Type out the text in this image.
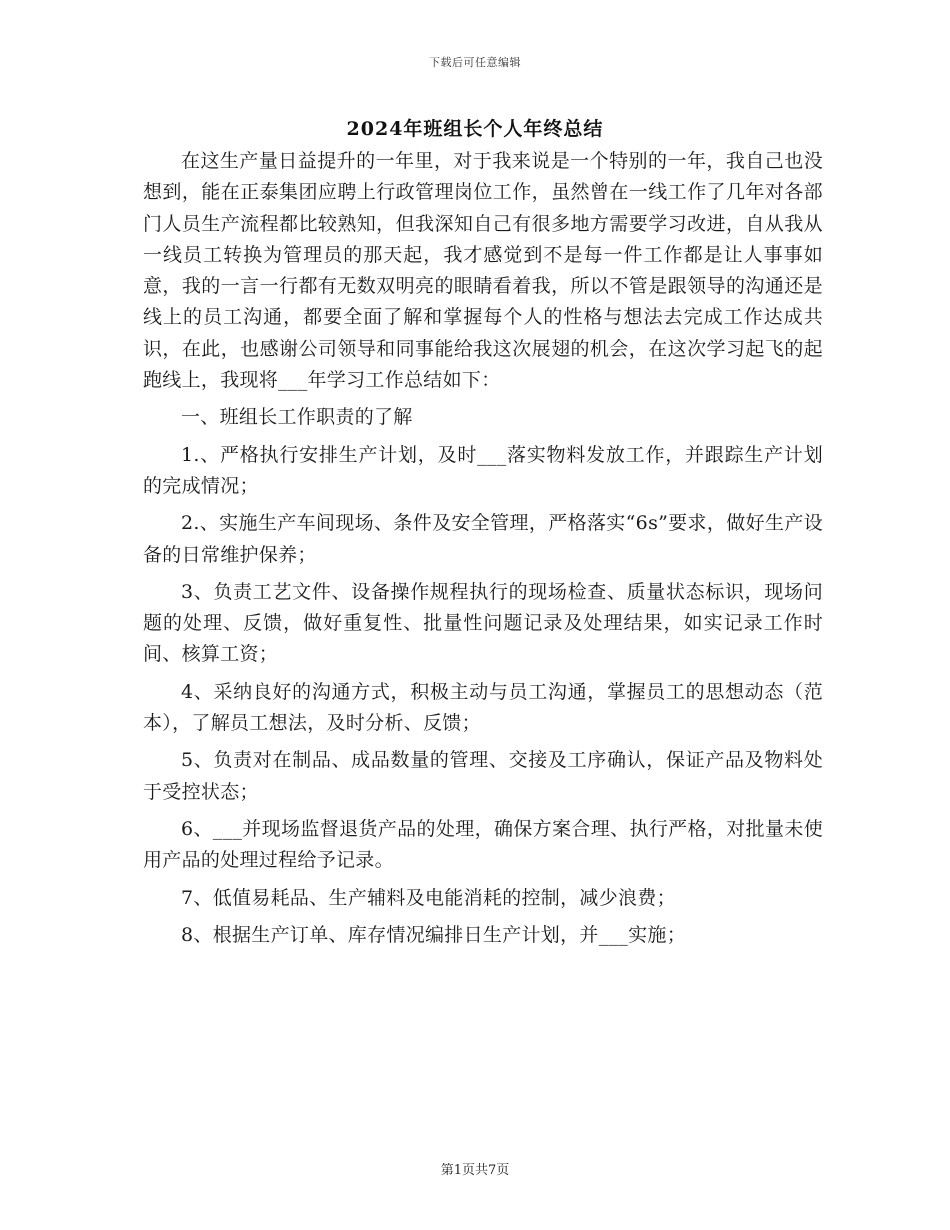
下载后可任意编辑
2024年班组长个人年终总结

在这生产量日益提升的一年里，对于我来说是一个特别的一年，我自己也没想到，能在正泰集团应聘上行政管理岗位工作，虽然曾在一线工作了几年对各部门人员生产流程都比较熟知，但我深知自己有很多地方需要学习改进，自从我从一线员工转换为管理员的那天起，我才感觉到不是每一件工作都是让人事事如意，我的一言一行都有无数双明亮的眼睛看着我，所以不管是跟领导的沟通还是线上的员工沟通，都要全面了解和掌握每个人的性格与想法去完成工作达成共识，在此，也感谢公司领导和同事能给我这次展翅的机会，在这次学习起飞的起跑线上，我现将___年学习工作总结如下：

一、班组长工作职责的了解

1.、严格执行安排生产计划，及时___落实物料发放工作，并跟踪生产计划的完成情况；

2.、实施生产车间现场、条件及安全管理，严格落实“6s”要求，做好生产设备的日常维护保养；

3、负责工艺文件、设备操作规程执行的现场检查、质量状态标识，现场问题的处理、反馈，做好重复性、批量性问题记录及处理结果，如实记录工作时间、核算工资；

4、采纳良好的沟通方式，积极主动与员工沟通，掌握员工的思想动态（范本），了解员工想法，及时分析、反馈；

5、负责对在制品、成品数量的管理、交接及工序确认，保证产品及物料处于受控状态；

6、___并现场监督退货产品的处理，确保方案合理、执行严格，对批量未使用产品的处理过程给予记录。

7、低值易耗品、生产辅料及电能消耗的控制，减少浪费；

8、根据生产订单、库存情况编排日生产计划，并___实施；

第1页共7页
